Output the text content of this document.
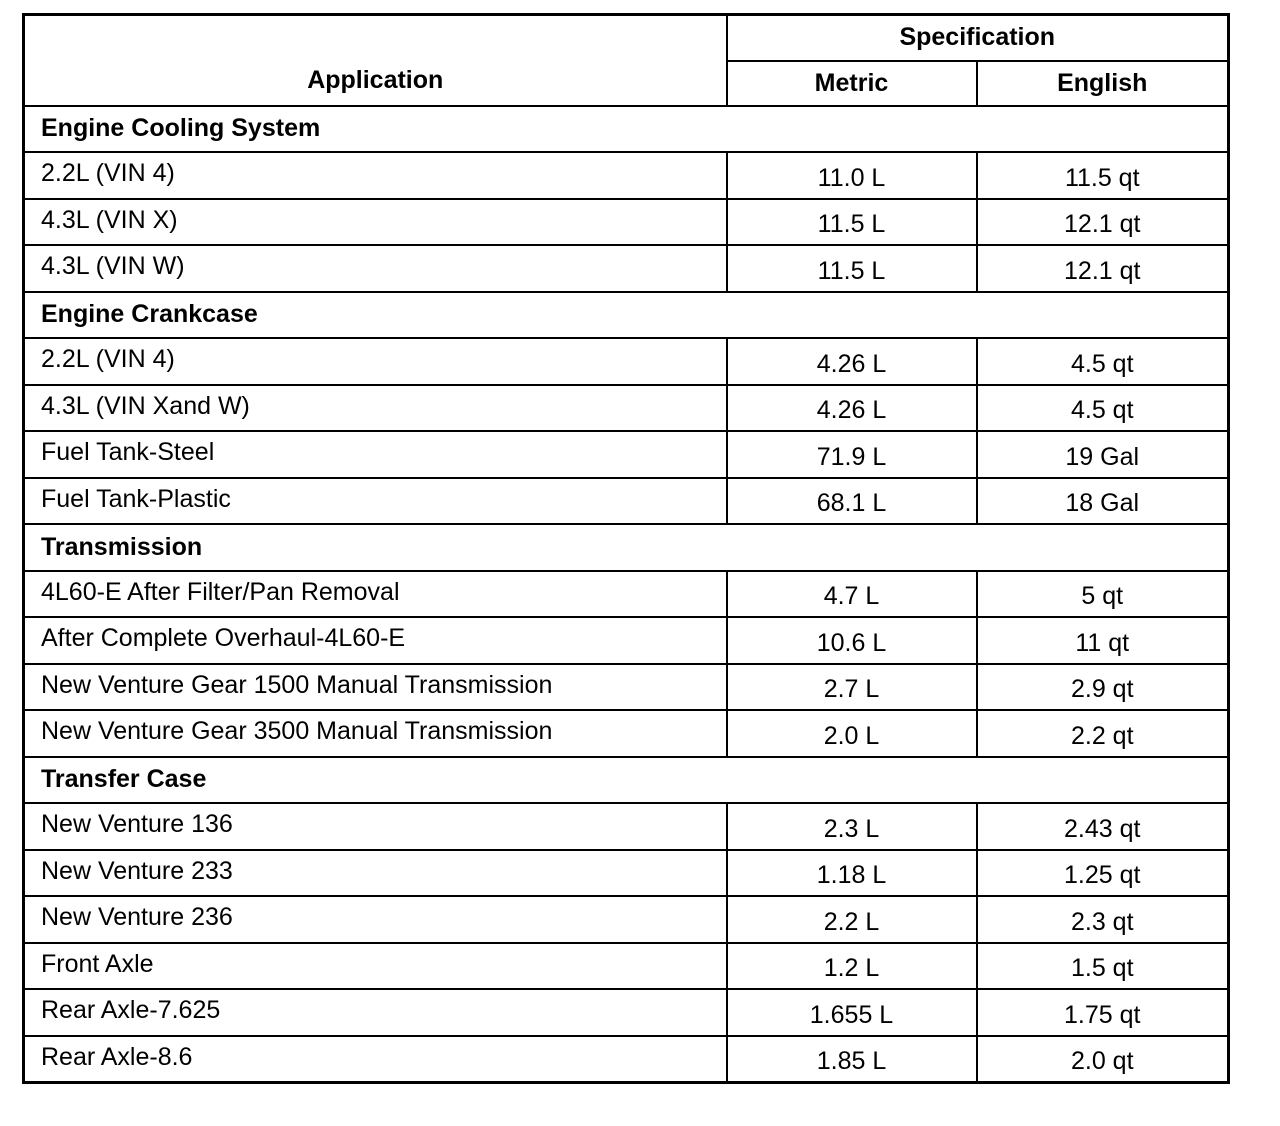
Application	Specification	
	Metric	English
Engine Cooling System		
2.2L (VIN 4)	11.0 L	11.5 qt
4.3L (VIN X)	11.5 L	12.1 qt
4.3L (VIN W)	11.5 L	12.1 qt
Engine Crankcase		
2.2L (VIN 4)	4.26 L	4.5 qt
4.3L (VIN Xand W)	4.26 L	4.5 qt
Fuel Tank-Steel	71.9 L	19 Gal
Fuel Tank-Plastic	68.1 L	18 Gal
Transmission		
4L60-E After Filter/Pan Removal	4.7 L	5 qt
After Complete Overhaul-4L60-E	10.6 L	11 qt
New Venture Gear 1500 Manual Transmission	2.7 L	2.9 qt
New Venture Gear 3500 Manual Transmission	2.0 L	2.2 qt
Transfer Case		
New Venture 136	2.3 L	2.43 qt
New Venture 233	1.18 L	1.25 qt
New Venture 236	2.2 L	2.3 qt
Front Axle	1.2 L	1.5 qt
Rear Axle-7.625	1.655 L	1.75 qt
Rear Axle-8.6	1.85 L	2.0 qt
